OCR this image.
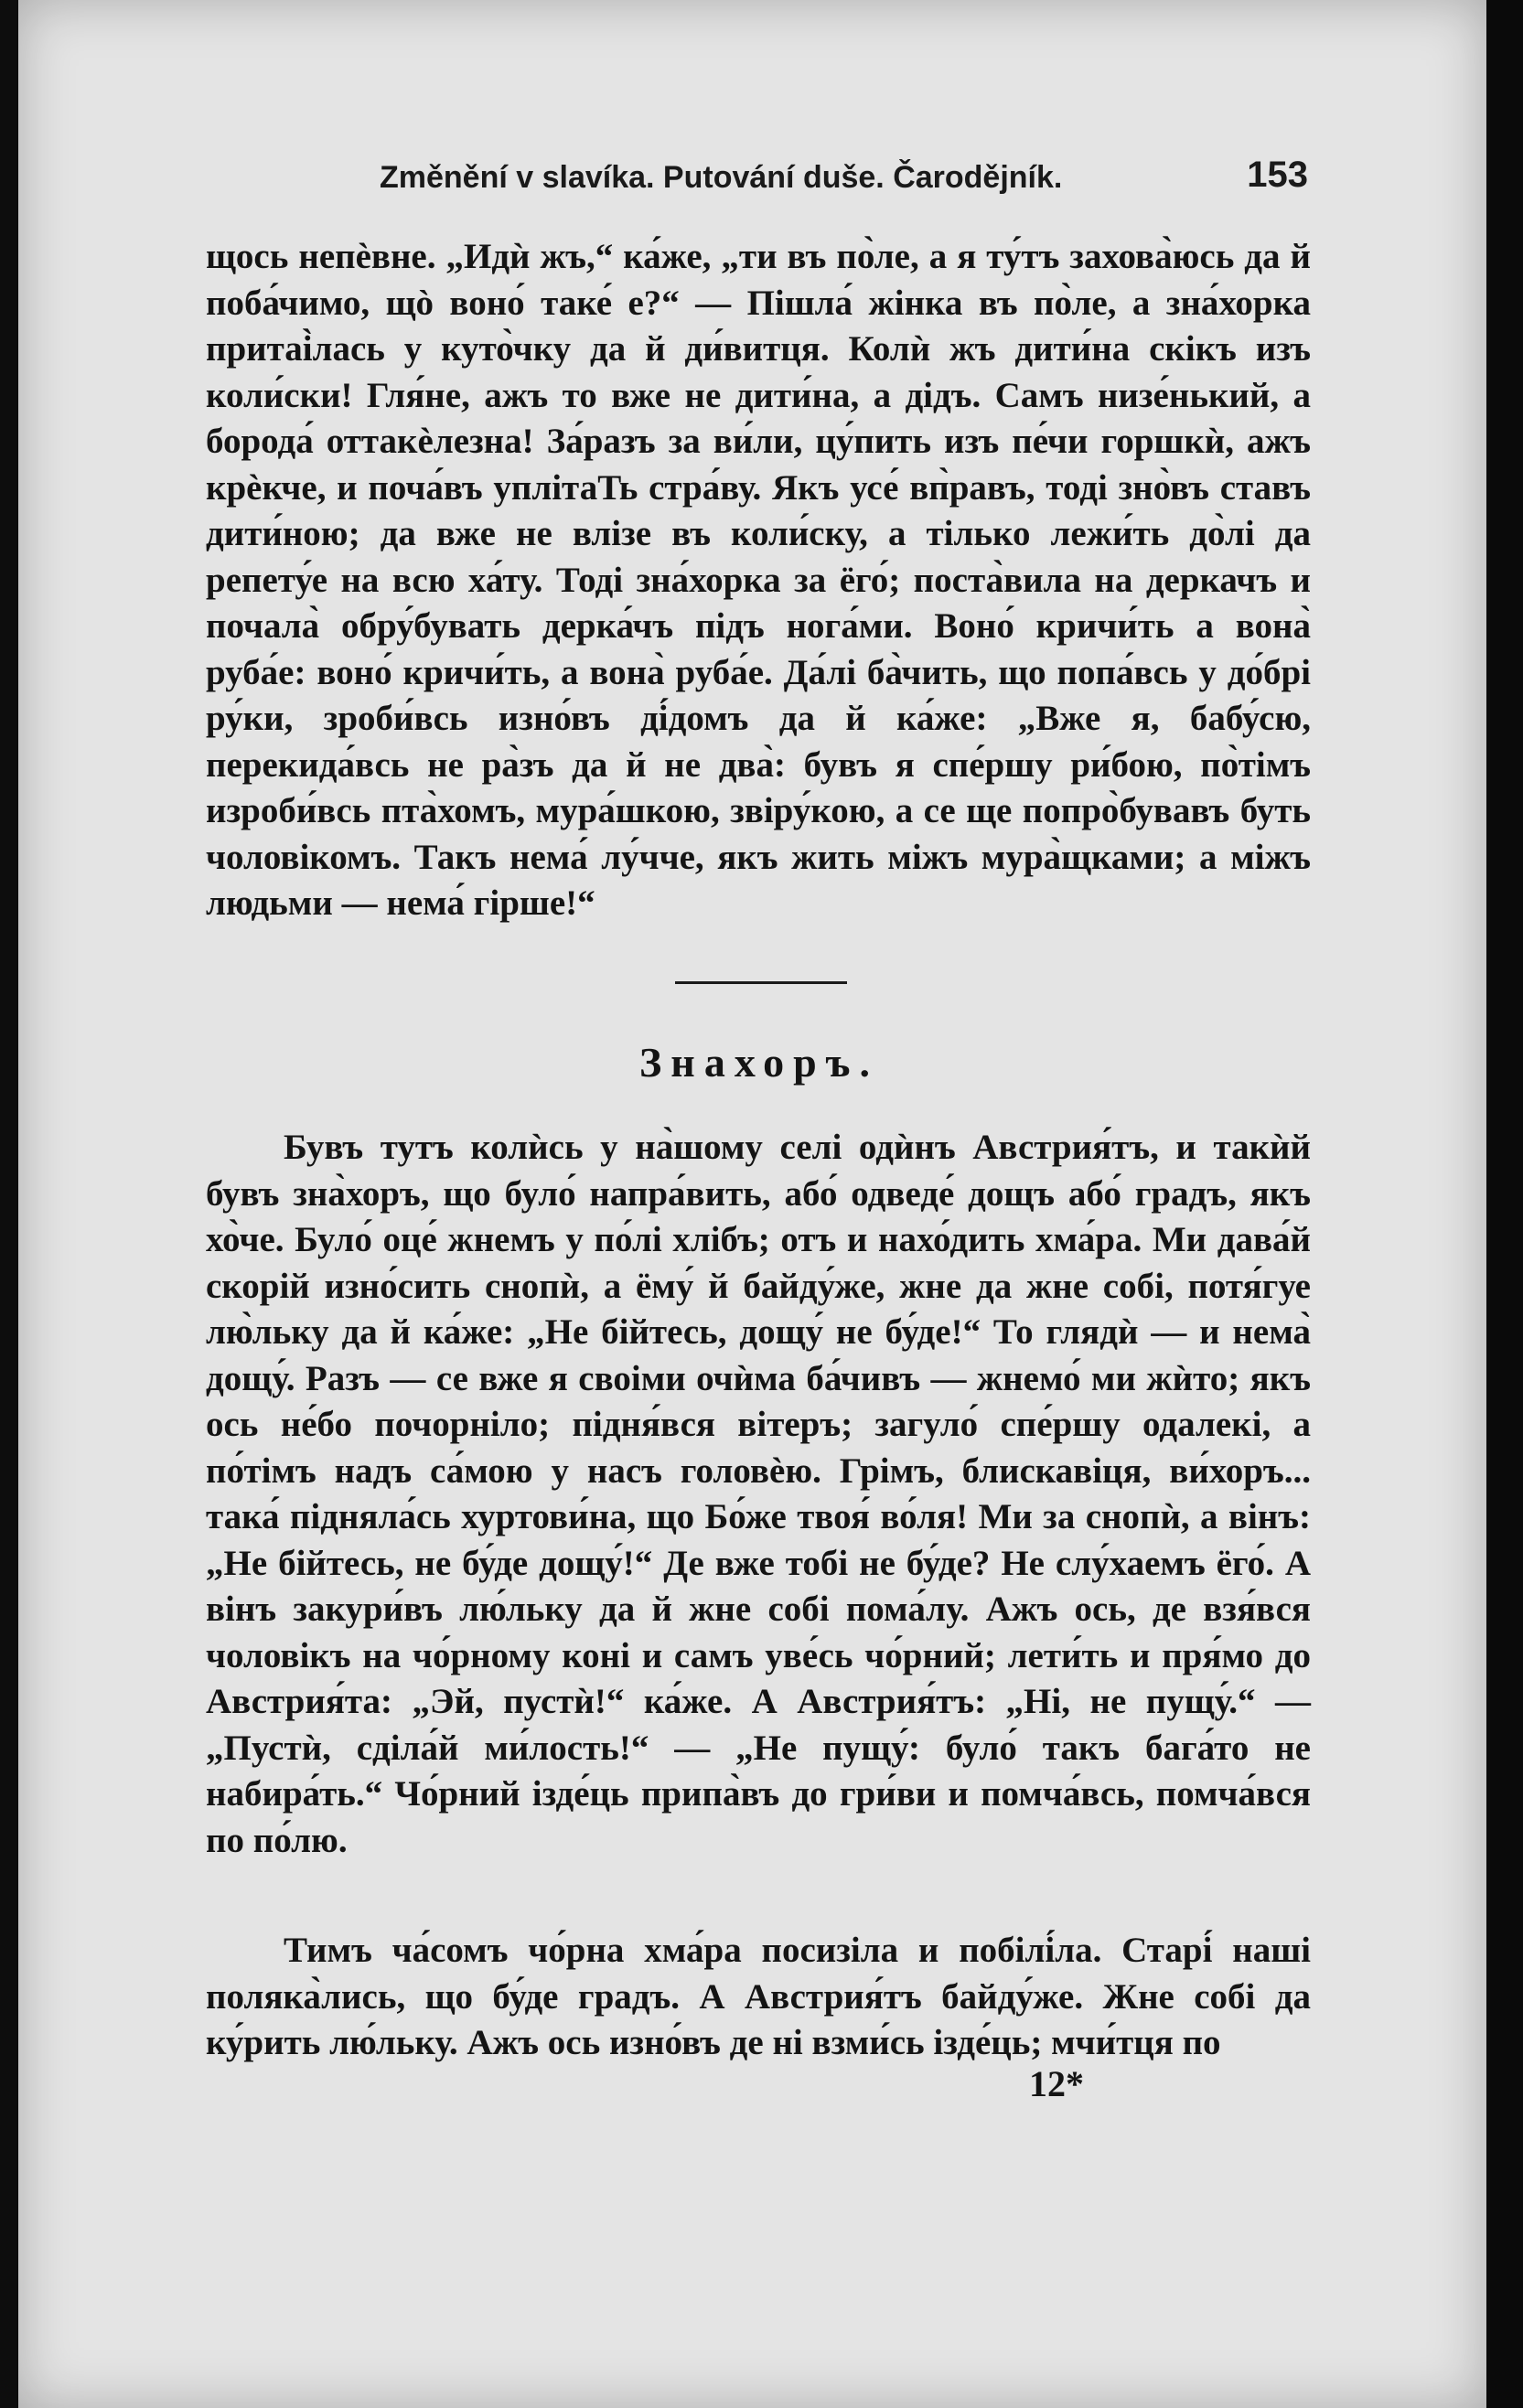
Změnění v slavíka. Putování duše. Čarodějník.	153

щось непѐвне. „Идѝ жъ,“ ка́же, „ти въ по̀ле, а я ту́тъ захова̀юсь да й поба́чимо, щò воно́ таке́ е?“ — Пішла́ жінка въ по̀ле, а зна́хорка притаі̀лась у куто̀чку да й ди́витця. Колѝ жъ дити́на скікъ изъ коли́ски! Гля́не, ажъ то вже не дити́на, а дідъ. Самъ низе́нький, а борода́ оттакѐлезна! За́разъ за ви́ли, цу́пить изъ пе́чи горшкѝ, ажъ крѐкче, и поча́въ уплітаТь стра́ву. Якъ усе́ вп̀равъ, тоді зно̀въ ставъ дити́ною; да вже не влізе въ коли́ску, а тілько лежи́ть до̀лі да репету́е на всю ха́ту. Тоді зна́хорка за ёго́; поста̀вила на деркачъ и почала̀ обру́бувать дерка́чъ підъ нога́ми. Воно́ кричи́ть а вона̀ руба́е: воно́ кричи́ть, а вона̀ руба́е. Да́лі ба̀чить, що попа́вcь у до́брі ру́ки, зроби́вcь изно́въ ді́домъ да й ка́же: „Вже я, бабу́сю, перекида́всь не ра̀зъ да й не два̀: бувъ я спе́ршу ри́бою, по̀тімъ изроби́вcь пта̀хомъ, мура́шкою, звіру́кою, а се ще попро̀бувавъ буть чоловікомъ. Такъ нема́ лу́чче, якъ жить міжъ мура̀щками; а міжъ людьми — нема́ гірше!“

Знахоръ.

Бувъ тутъ колѝсь у на̀шому селі одѝнъ Австрия́тъ, и такѝй бувъ зна̀хоръ, що було́ напра́вить, або́ одведе́ дощъ або́ градъ, якъ хо̀че. Було́ оце́ жнемъ у по́лі хлібъ; отъ и нахо́дить хма́ра. Ми дава́й скорій изно́сить снопѝ, а ёму́ й байду́же, жне да жне собі, потя́гуе лю̀льку да й ка́же: „Не бійтесь, дощу́ не бу́де!“ То глядѝ — и нема̀ дощу́. Разъ — се вже я своіми очѝма ба́чивъ — жнемо́ ми жѝто; якъ ось не́бо почорніло; підня́вся вітеръ; загуло́ спе́ршу одалекі, а по́тімъ надъ са́мою у насъ головѐю. Грімъ, блискавіця, ви́хоръ... така́ підняла́сь хуртови́на, що Бо́же твоя́ во́ля! Ми за снопѝ, а вінъ: „Не бійтесь, не бу́де дощу́!“ Де вже тобі не бу́де? Не слу́хаемъ ёго́. А вінъ закури́въ лю́льку да й жне собі пома́лу. Ажъ ось, де взя́вся чоловікъ на чо́рному коні и самъ уве́сь чо́рний; лети́ть и пря́мо до Австрия́та: „Эй, пустѝ!“ ка́же. А Австрия́тъ: „Ні, не пущу́.“ — „Пустѝ, сділа́й ми́лость!“ — „Не пущу́: було́ такъ бага́то не набира́ть.“ Чо́рний ізде́ць припа̀въ до гри́ви и помча́всь, помча́вся по по́лю.

Тимъ ча́сомъ чо́рна хма́ра посизіла и побілі́ла. Старі́ наші поляка̀лись, що бу́де градъ. А Австрия́тъ байду́же. Жне собі да ку́рить лю́льку. Ажъ ось изно́въ де ні взми́сь ізде́ць; мчи́тця по

12*
